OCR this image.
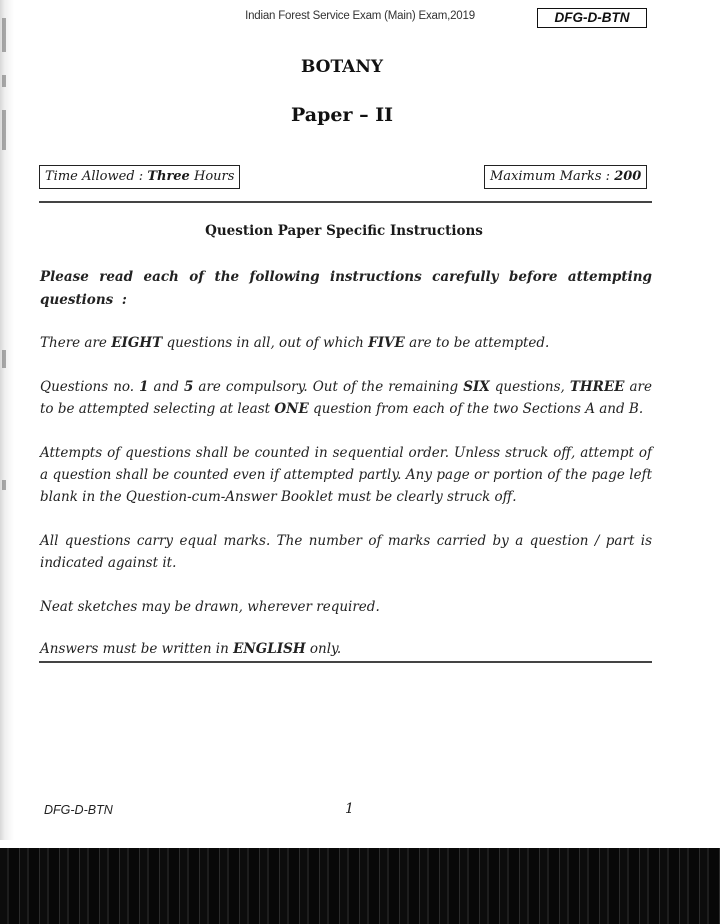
Indian Forest Service Exam (Main) Exam,2019	DFG-D-BTN
BOTANY
Paper – II
Time Allowed : Three Hours	Maximum Marks : 200
Question Paper Specific Instructions
Please read each of the following instructions carefully before attempting questions :
There are EIGHT questions in all, out of which FIVE are to be attempted.
Questions no. 1 and 5 are compulsory. Out of the remaining SIX questions, THREE are to be attempted selecting at least ONE question from each of the two Sections A and B.
Attempts of questions shall be counted in sequential order. Unless struck off, attempt of a question shall be counted even if attempted partly. Any page or portion of the page left blank in the Question-cum-Answer Booklet must be clearly struck off.
All questions carry equal marks. The number of marks carried by a question / part is indicated against it.
Neat sketches may be drawn, wherever required.
Answers must be written in ENGLISH only.
DFG-D-BTN	1
